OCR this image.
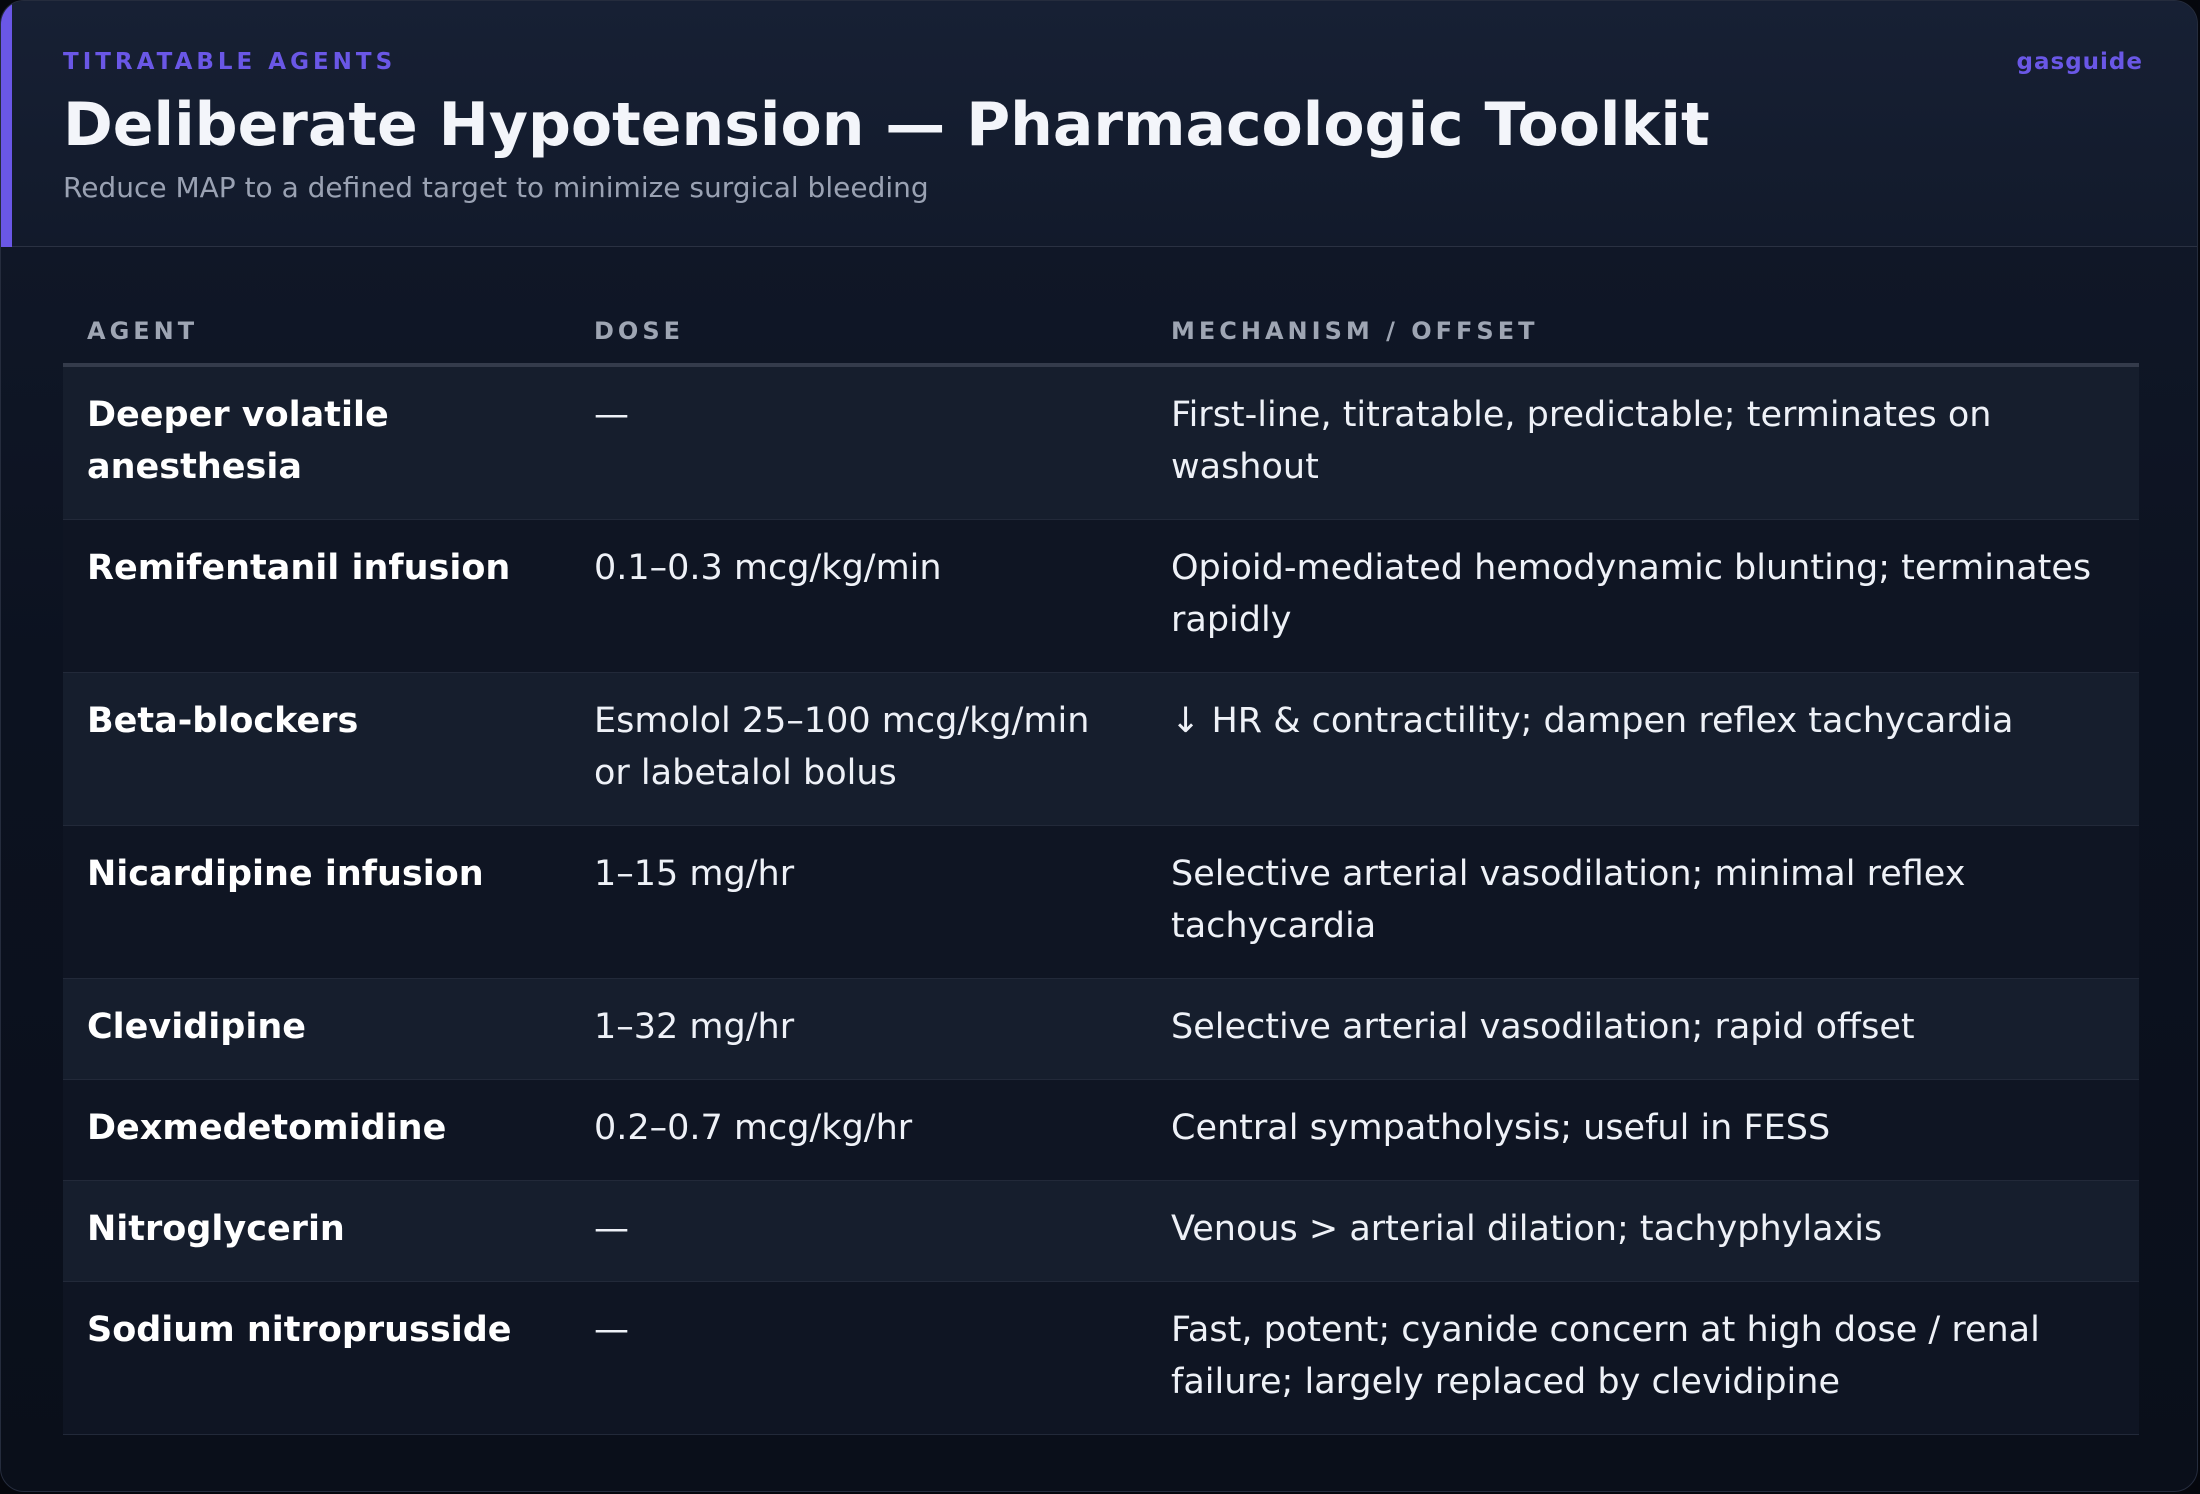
TITRATABLE AGENTS	gasguide
Deliberate Hypotension — Pharmacologic Toolkit
Reduce MAP to a defined target to minimize surgical bleeding
AGENT	DOSE	MECHANISM / OFFSET
Deeper volatile anesthesia	—	First-line, titratable, predictable; terminates on washout
Remifentanil infusion	0.1–0.3 mcg/kg/min	Opioid-mediated hemodynamic blunting; terminates rapidly
Beta-blockers	Esmolol 25–100 mcg/kg/min or labetalol bolus	↓ HR & contractility; dampen reflex tachycardia
Nicardipine infusion	1–15 mg/hr	Selective arterial vasodilation; minimal reflex tachycardia
Clevidipine	1–32 mg/hr	Selective arterial vasodilation; rapid offset
Dexmedetomidine	0.2–0.7 mcg/kg/hr	Central sympatholysis; useful in FESS
Nitroglycerin	—	Venous > arterial dilation; tachyphylaxis
Sodium nitroprusside	—	Fast, potent; cyanide concern at high dose / renal failure; largely replaced by clevidipine
